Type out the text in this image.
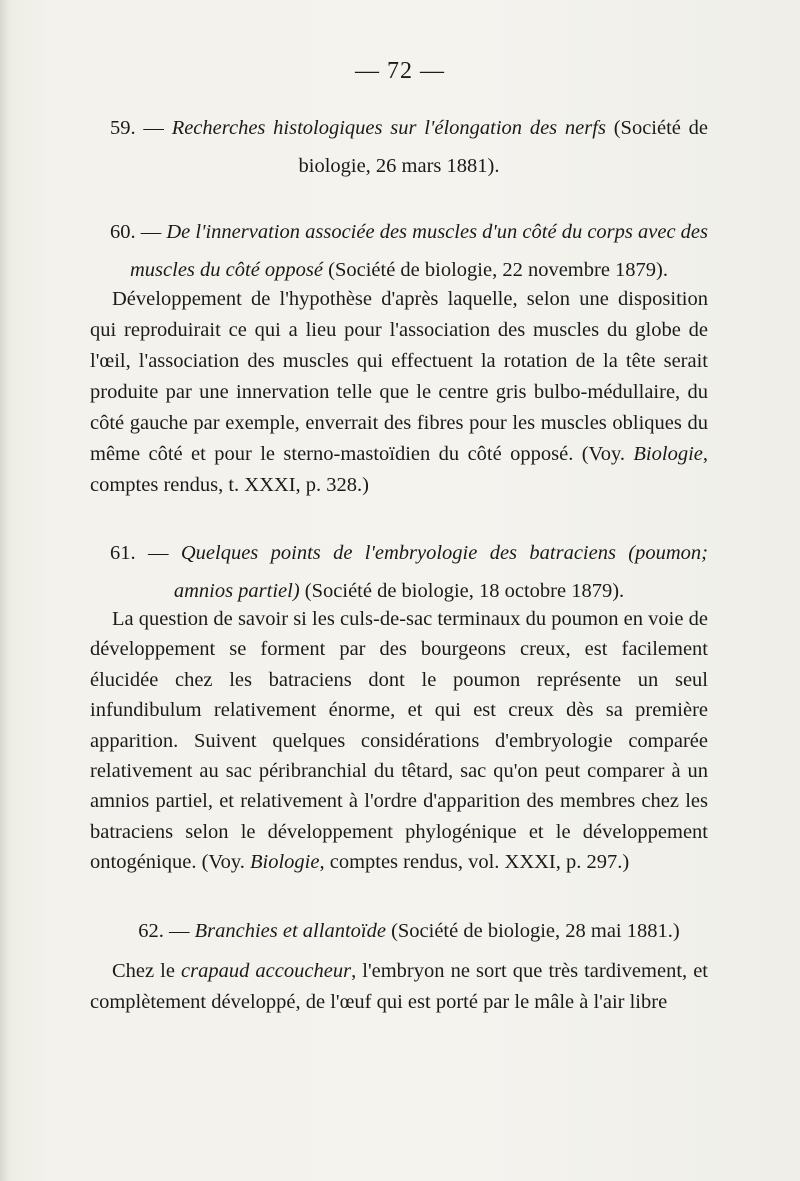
— 72 —

59. — Recherches histologiques sur l'élongation des nerfs (Société de biologie, 26 mars 1881).

60. — De l'innervation associée des muscles d'un côté du corps avec des muscles du côté opposé (Société de biologie, 22 novembre 1879).

Développement de l'hypothèse d'après laquelle, selon une disposition qui reproduirait ce qui a lieu pour l'association des muscles du globe de l'œil, l'association des muscles qui effectuent la rotation de la tête serait produite par une innervation telle que le centre gris bulbo-médullaire, du côté gauche par exemple, enverrait des fibres pour les muscles obliques du même côté et pour le sterno-mastoïdien du côté opposé. (Voy. Biologie, comptes rendus, t. XXXI, p. 328.)

61. — Quelques points de l'embryologie des batraciens (poumon; amnios partiel) (Société de biologie, 18 octobre 1879).

La question de savoir si les culs-de-sac terminaux du poumon en voie de développement se forment par des bourgeons creux, est facilement élucidée chez les batraciens dont le poumon représente un seul infundibulum relativement énorme, et qui est creux dès sa première apparition. Suivent quelques considérations d'embryologie comparée relativement au sac péribranchial du têtard, sac qu'on peut comparer à un amnios partiel, et relativement à l'ordre d'apparition des membres chez les batraciens selon le développement phylogénique et le développement ontogénique. (Voy. Biologie, comptes rendus, vol. XXXI, p. 297.)

62. — Branchies et allantoïde (Société de biologie, 28 mai 1881.)

Chez le crapaud accoucheur, l'embryon ne sort que très tardivement, et complètement développé, de l'œuf qui est porté par le mâle à l'air libre
